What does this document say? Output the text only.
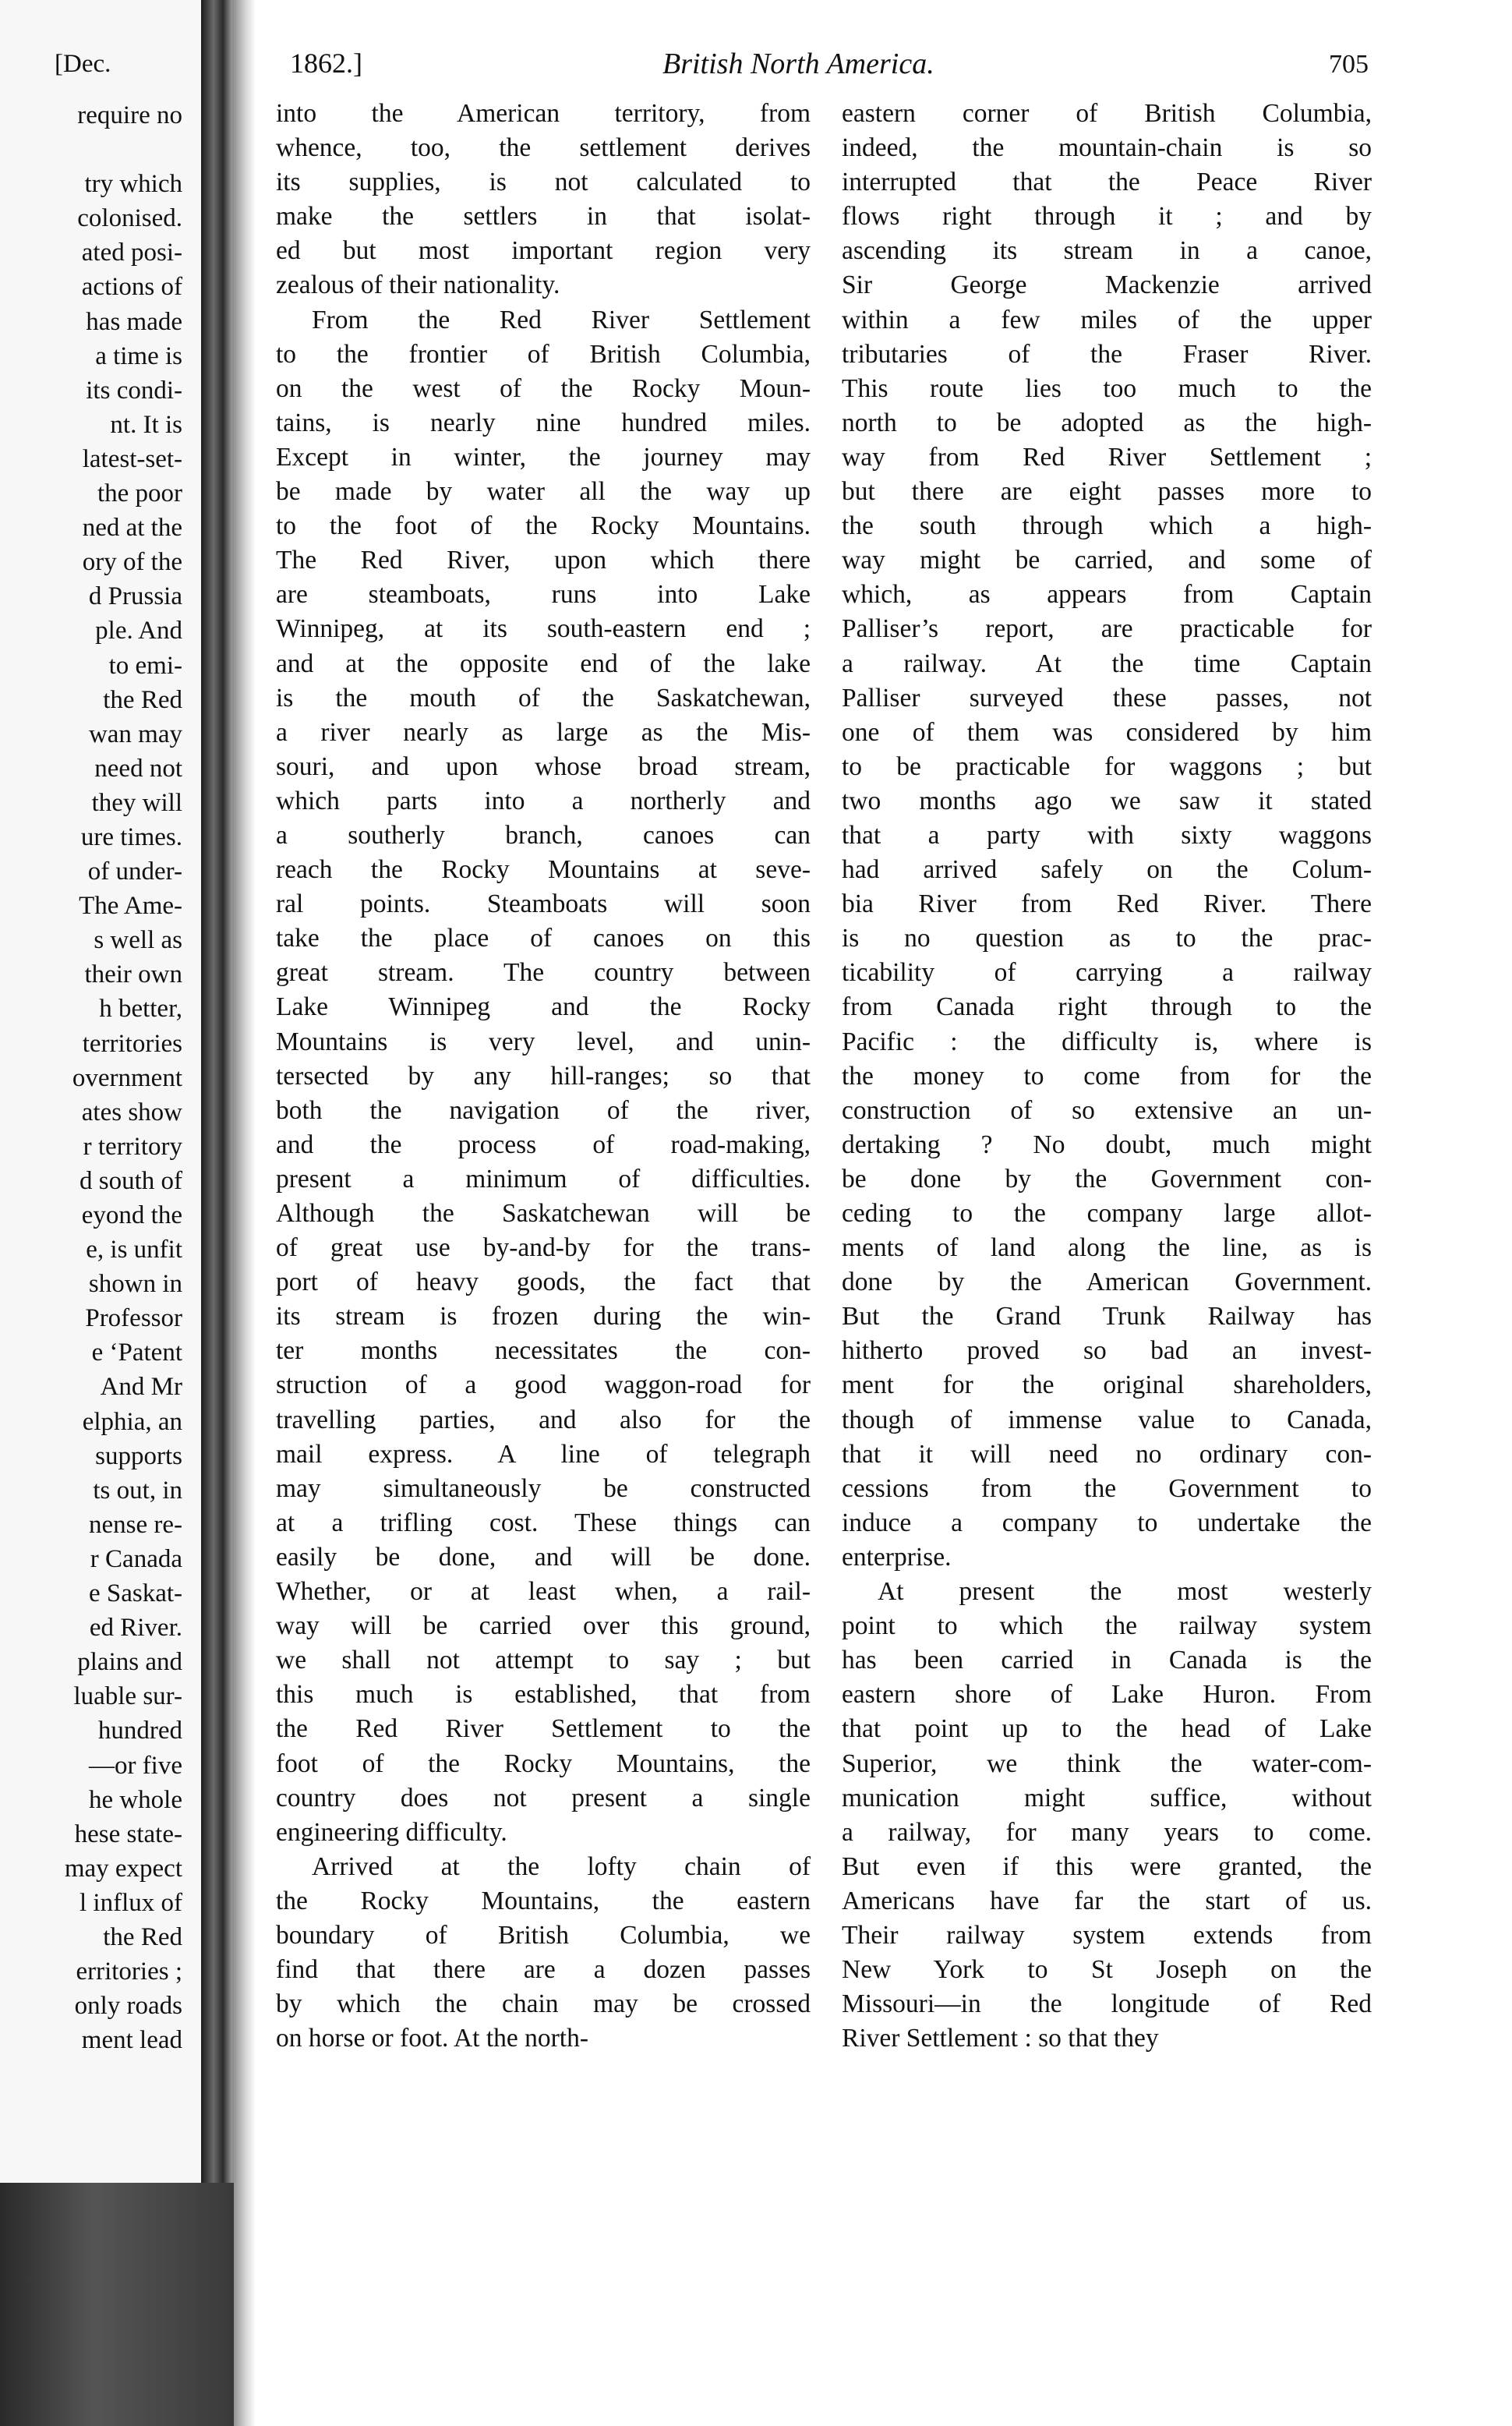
[Dec.
require no
try which
colonised.
ated posi-
actions of
has made
a time is
its condi-
nt. It is
latest-set-
the poor
ned at the
ory of the
d Prussia
ple. And
to emi-
the Red
wan may
need not
they will
ure times.
of under-
The Ame-
s well as
their own
h better,
territories
overnment
ates show
r territory
d south of
eyond the
e, is unfit
shown in
Professor
e ‘Patent
And Mr
elphia, an
supports
ts out, in
nense re-
r Canada
e Saskat-
ed River.
plains and
luable sur-
hundred
—or five
he whole
hese state-
may expect
l influx of
the Red
erritories ;
only roads
ment lead
1862.]	British North America.	705
into the American territory, from
whence, too, the settlement derives
its supplies, is not calculated to
make the settlers in that isolat-
ed but most important region very
zealous of their nationality.
From the Red River Settlement
to the frontier of British Columbia,
on the west of the Rocky Moun-
tains, is nearly nine hundred miles.
Except in winter, the journey may
be made by water all the way up
to the foot of the Rocky Mountains.
The Red River, upon which there
are steamboats, runs into Lake
Winnipeg, at its south-eastern end ;
and at the opposite end of the lake
is the mouth of the Saskatchewan,
a river nearly as large as the Mis-
souri, and upon whose broad stream,
which parts into a northerly and
a southerly branch, canoes can
reach the Rocky Mountains at seve-
ral points. Steamboats will soon
take the place of canoes on this
great stream. The country between
Lake Winnipeg and the Rocky
Mountains is very level, and unin-
tersected by any hill-ranges; so that
both the navigation of the river,
and the process of road-making,
present a minimum of difficulties.
Although the Saskatchewan will be
of great use by-and-by for the trans-
port of heavy goods, the fact that
its stream is frozen during the win-
ter months necessitates the con-
struction of a good waggon-road for
travelling parties, and also for the
mail express. A line of telegraph
may simultaneously be constructed
at a trifling cost. These things can
easily be done, and will be done.
Whether, or at least when, a rail-
way will be carried over this ground,
we shall not attempt to say ; but
this much is established, that from
the Red River Settlement to the
foot of the Rocky Mountains, the
country does not present a single
engineering difficulty.
Arrived at the lofty chain of
the Rocky Mountains, the eastern
boundary of British Columbia, we
find that there are a dozen passes
by which the chain may be crossed
on horse or foot. At the north-
eastern corner of British Columbia,
indeed, the mountain-chain is so
interrupted that the Peace River
flows right through it ; and by
ascending its stream in a canoe,
Sir George Mackenzie arrived
within a few miles of the upper
tributaries of the Fraser River.
This route lies too much to the
north to be adopted as the high-
way from Red River Settlement ;
but there are eight passes more to
the south through which a high-
way might be carried, and some of
which, as appears from Captain
Palliser’s report, are practicable for
a railway. At the time Captain
Palliser surveyed these passes, not
one of them was considered by him
to be practicable for waggons ; but
two months ago we saw it stated
that a party with sixty waggons
had arrived safely on the Colum-
bia River from Red River. There
is no question as to the prac-
ticability of carrying a railway
from Canada right through to the
Pacific : the difficulty is, where is
the money to come from for the
construction of so extensive an un-
dertaking ? No doubt, much might
be done by the Government con-
ceding to the company large allot-
ments of land along the line, as is
done by the American Government.
But the Grand Trunk Railway has
hitherto proved so bad an invest-
ment for the original shareholders,
though of immense value to Canada,
that it will need no ordinary con-
cessions from the Government to
induce a company to undertake the
enterprise.
At present the most westerly
point to which the railway system
has been carried in Canada is the
eastern shore of Lake Huron. From
that point up to the head of Lake
Superior, we think the water-com-
munication might suffice, without
a railway, for many years to come.
But even if this were granted, the
Americans have far the start of us.
Their railway system extends from
New York to St Joseph on the
Missouri—in the longitude of Red
River Settlement : so that they
